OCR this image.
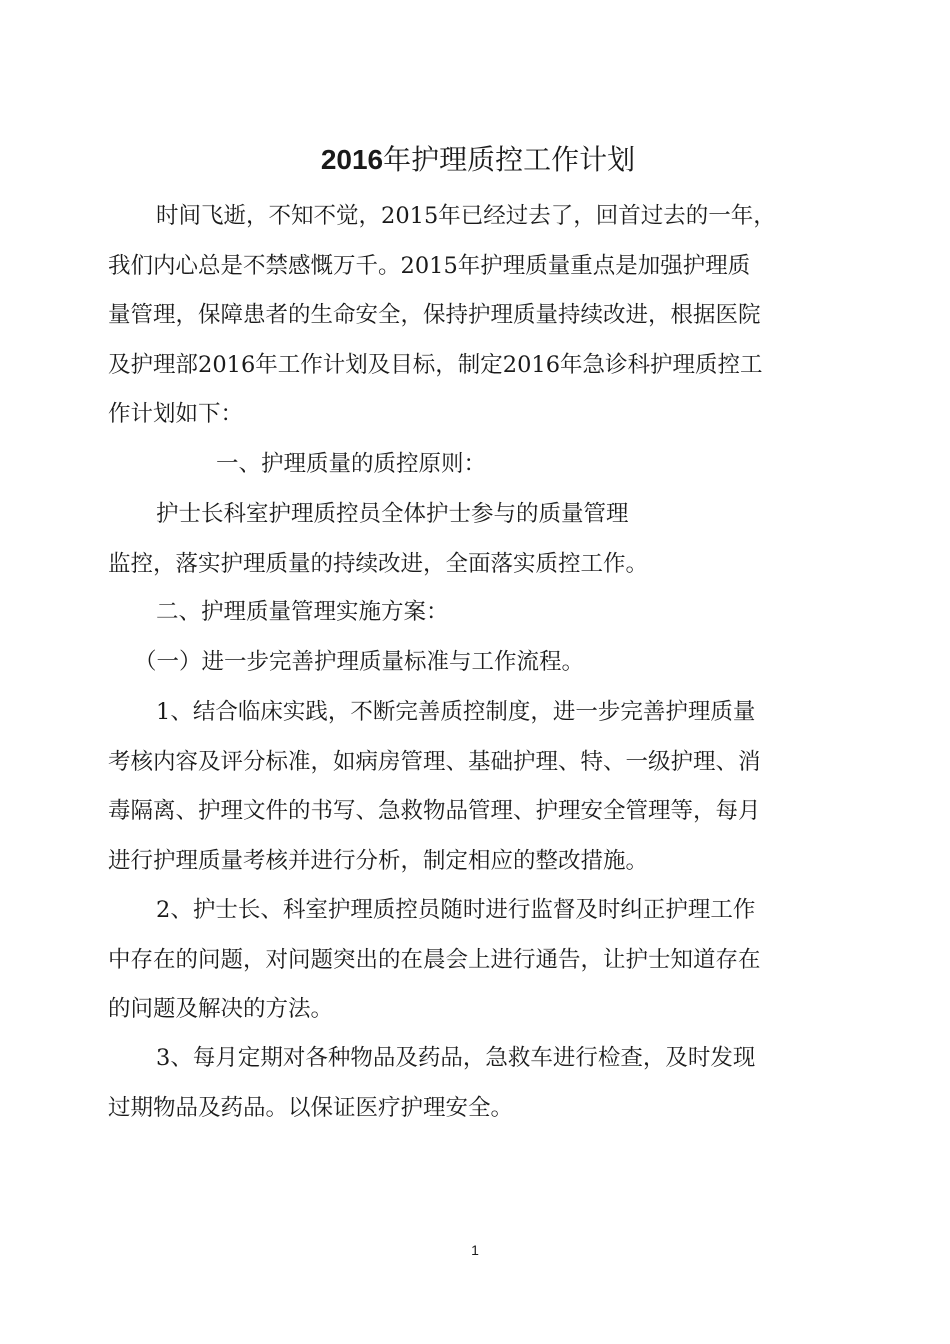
2016年护理质控工作计划
时间飞逝，不知不觉，2015年已经过去了，回首过去的一年，
我们内心总是不禁感慨万千。2015年护理质量重点是加强护理质
量管理，保障患者的生命安全，保持护理质量持续改进，根据医院
及护理部2016年工作计划及目标，制定2016年急诊科护理质控工
作计划如下：
一、护理质量的质控原则：
护士长科室护理质控员全体护士参与的质量管理
监控，落实护理质量的持续改进，全面落实质控工作。
二、护理质量管理实施方案：
（一）进一步完善护理质量标准与工作流程。
1、结合临床实践，不断完善质控制度，进一步完善护理质量
考核内容及评分标准，如病房管理、基础护理、特、一级护理、消
毒隔离、护理文件的书写、急救物品管理、护理安全管理等，每月
进行护理质量考核并进行分析，制定相应的整改措施。
2、护士长、科室护理质控员随时进行监督及时纠正护理工作
中存在的问题，对问题突出的在晨会上进行通告，让护士知道存在
的问题及解决的方法。
3、每月定期对各种物品及药品，急救车进行检查，及时发现
过期物品及药品。以保证医疗护理安全。
1
